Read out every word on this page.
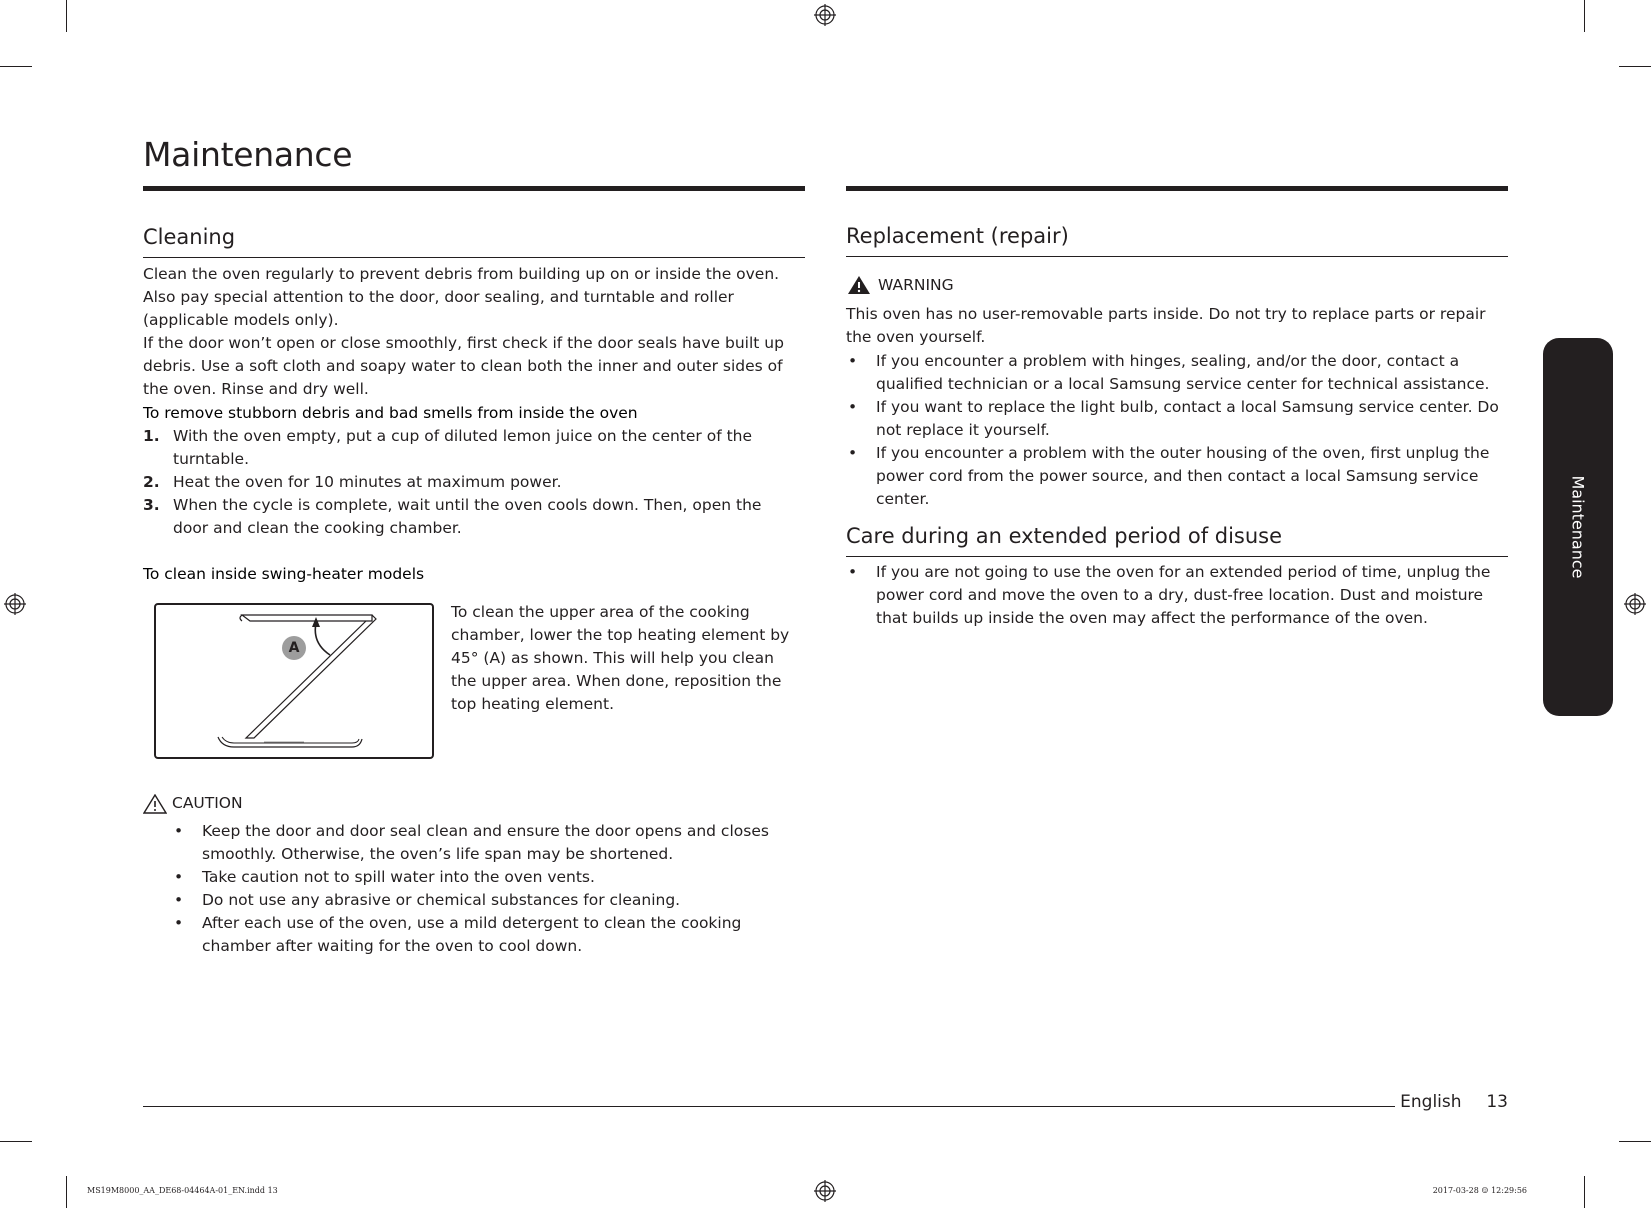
Maintenance
Cleaning
Clean the oven regularly to prevent debris from building up on or inside the oven. Also pay special attention to the door, door sealing, and turntable and roller (applicable models only).
If the door won’t open or close smoothly, first check if the door seals have built up debris. Use a soft cloth and soapy water to clean both the inner and outer sides of the oven. Rinse and dry well.
To remove stubborn debris and bad smells from inside the oven
1. With the oven empty, put a cup of diluted lemon juice on the center of the turntable.
2. Heat the oven for 10 minutes at maximum power.
3. When the cycle is complete, wait until the oven cools down. Then, open the door and clean the cooking chamber.
To clean inside swing-heater models
A
To clean the upper area of the cooking chamber, lower the top heating element by 45° (A) as shown. This will help you clean the upper area. When done, reposition the top heating element.
CAUTION
• Keep the door and door seal clean and ensure the door opens and closes smoothly. Otherwise, the oven’s life span may be shortened.
• Take caution not to spill water into the oven vents.
• Do not use any abrasive or chemical substances for cleaning.
• After each use of the oven, use a mild detergent to clean the cooking chamber after waiting for the oven to cool down.
Replacement (repair)
WARNING
This oven has no user-removable parts inside. Do not try to replace parts or repair the oven yourself.
• If you encounter a problem with hinges, sealing, and/or the door, contact a qualified technician or a local Samsung service center for technical assistance.
• If you want to replace the light bulb, contact a local Samsung service center. Do not replace it yourself.
• If you encounter a problem with the outer housing of the oven, first unplug the power cord from the power source, and then contact a local Samsung service center.
Care during an extended period of disuse
• If you are not going to use the oven for an extended period of time, unplug the power cord and move the oven to a dry, dust-free location. Dust and moisture that builds up inside the oven may affect the performance of the oven.
Maintenance
English 13
MS19M8000_AA_DE68-04464A-01_EN.indd 13	2017-03-28 ☺ 12:29:56
